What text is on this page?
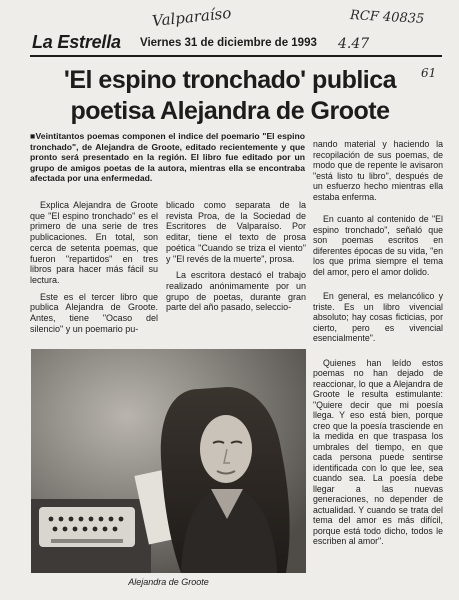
Valparaíso	RCF 40835
4.47
61
La Estrella Viernes 31 de diciembre de 1993
'El espino tronchado' publica
poetisa Alejandra de Groote
■Veintitantos poemas componen el indice del poemario "El espino tronchado", de Alejandra de Groote, editado recientemente y que pronto será presentado en la región. El libro fue editado por un grupo de amigos poetas de la autora, mientras ella se encontraba afectada por una enfermedad.

Explica Alejandra de Groote que "El espino tronchado" es el primero de una serie de tres publicaciones. En total, son cerca de setenta poemas, que fueron "repartidos" en tres libros para hacer más fácil su lectura.

Este es el tercer libro que publica Alejandra de Groote. Antes, tiene "Ocaso del silencio" y un poemario pu-

blicado como separata de la revista Proa, de la Sociedad de Escritores de Valparaíso. Por editar, tiene el texto de prosa poética "Cuando se triza el viento" y "El revés de la muerte", prosa.

La escritora destacó el trabajo realizado anónimamente por un grupo de poetas, durante gran parte del año pasado, seleccio-

nando material y haciendo la recopilación de sus poemas, de modo que de repente le avisaron "está listo tu libro", después de un esfuerzo hecho mientras ella estaba enferma.

En cuanto al contenido de "El espino tronchado", señaló que son poemas escritos en diferentes épocas de su vida, "en los que prima siempre el tema del amor, pero el amor dolido.

En general, es melancólico y triste. Es un libro vivencial absoluto; hay cosas ficticias, por cierto, pero es vivencial esencialmente".

Quienes han leído estos poemas no han dejado de reaccionar, lo que a Alejandra de Groote le resulta estimulante: "Quiere decir que mi poesía llega. Y eso está bien, porque creo que la poesía trasciende en la medida en que traspasa los umbrales del tiempo, en que cada persona puede sentirse identificada con lo que lee, sea cuando sea. La poesía debe llegar a las nuevas generaciones, no depender de actualidad. Y cuando se trata del tema del amor es más difícil, porque está todo dicho, todos le escriben al amor".

Alejandra de Groote
